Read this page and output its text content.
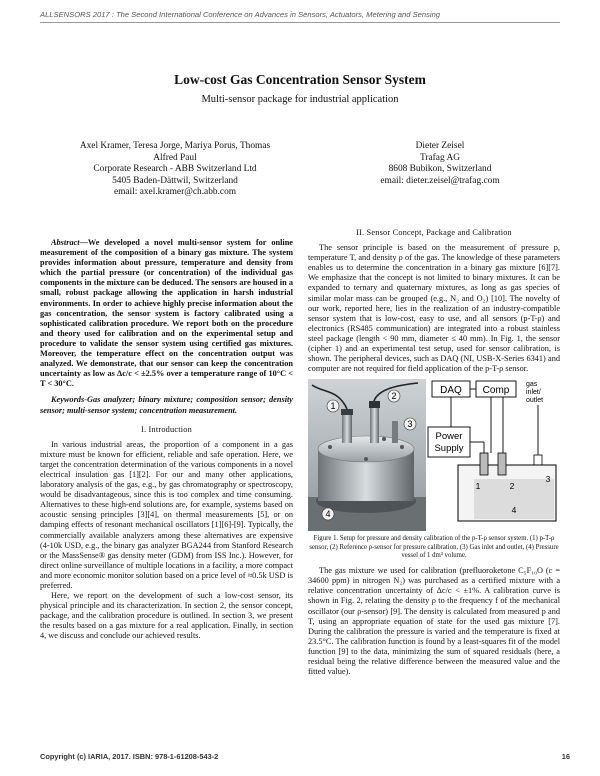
ALLSENSORS 2017 : The Second International Conference on Advances in Sensors, Actuators, Metering and Sensing
Low-cost Gas Concentration Sensor System
Multi-sensor package for industrial application
Axel Kramer, Teresa Jorge, Mariya Porus, Thomas
Alfred Paul
Corporate Research - ABB Switzerland Ltd
5405 Baden-Dättwil, Switzerland
email: axel.kramer@ch.abb.com
Dieter Zeisel
Trafag AG
8608 Bubikon, Switzerland
email: dieter.zeisel@trafag.com

Abstract—We developed a novel multi-sensor system for online measurement of the composition of a binary gas mixture. The system provides information about pressure, temperature and density from which the partial pressure (or concentration) of the individual gas components in the mixture can be deduced. The sensors are housed in a small, robust package allowing the application in harsh industrial environments. In order to achieve highly precise information about the gas concentration, the sensor system is factory calibrated using a sophisticated calibration procedure. We report both on the procedure and theory used for calibration and on the experimental setup and procedure to validate the sensor system using certified gas mixtures. Moreover, the temperature effect on the concentration output was analyzed. We demonstrate, that our sensor can keep the concentration uncertainty as low as Δc/c < ±2.5% over a temperature range of 10°C < T < 30°C.

Keywords-Gas analyzer; binary mixture; composition sensor; density sensor; multi-sensor system; concentration measurement.

I. Introduction

In various industrial areas, the proportion of a component in a gas mixture must be known for efficient, reliable and safe operation. Here, we target the concentration determination of the various components in a novel electrical insulation gas [1][2]. For our and many other applications, laboratory analysis of the gas, e.g., by gas chromatography or spectroscopy, would be disadvantageous, since this is too complex and time consuming. Alternatives to these high-end solutions are, for example, systems based on acoustic sensing principles [3][4], on thermal measurements [5], or on damping effects of resonant mechanical oscillators [1][6]-[9]. Typically, the commercially available analyzers among these alternatives are expensive (4-10k USD, e.g., the binary gas analyzer BGA244 from Stanford Research or the MassSense® gas density meter (GDM) from ISS Inc.). However, for direct online surveillance of multiple locations in a facility, a more compact and more economic monitor solution based on a price level of ≈0.5k USD is preferred.

Here, we report on the development of such a low-cost sensor, its physical principle and its characterization. In section 2, the sensor concept, package, and the calibration procedure is outlined. In section 3, we present the results based on a gas mixture for a real application. Finally, in section 4, we discuss and conclude our achieved results.

II. Sensor Concept, Package and Calibration

The sensor principle is based on the measurement of pressure p, temperature T, and density ρ of the gas. The knowledge of these parameters enables us to determine the concentration in a binary gas mixture [6][7]. We emphasize that the concept is not limited to binary mixtures. It can be expanded to ternary and quaternary mixtures, as long as gas species of similar molar mass can be grouped (e.g., N₂ and O₂) [10]. The novelty of our work, reported here, lies in the realization of an industry-compatible sensor system that is low-cost, easy to use, and all sensors (p-T-ρ) and electronics (RS485 communication) are integrated into a robust stainless steel package (length < 90 mm, diameter ≤ 40 mm). In Fig. 1, the sensor (cipher 1) and an experimental test setup, used for sensor calibration, is shown. The peripheral devices, such as DAQ (NI, USB-X-Series 6341) and computer are not required for field application of the p-T-ρ sensor.

1
2
3
4
DAQ Comp
gas
inlet/
outlet
Power
Supply
1	2
3
4

Figure 1. Setup for pressure and density calibration of the p-T-ρ sensor system. (1) p-T-ρ sensor, (2) Reference ρ-sensor for pressure calibration, (3) Gas inlet and outlet, (4) Pressure vessel of 1 dm³ volume.

The gas mixture we used for calibration (prefluoroketone C₅F₁₀O (c = 34600 ppm) in nitrogen N₂) was purchased as a certified mixture with a relative concentration uncertainty of Δc/c < ±1%. A calibration curve is shown in Fig. 2, relating the density ρ to the frequency f of the mechanical oscillator (our ρ-sensor) [9]. The density is calculated from measured p and T, using an appropriate equation of state for the used gas mixture [7]. During the calibration the pressure is varied and the temperature is fixed at 23.5°C. The calibration function is found by a least-squares fit of the model function [9] to the data, minimizing the sum of squared residuals (here, a residual being the relative difference between the measured value and the fitted value).

Copyright (c) IARIA, 2017. ISBN: 978-1-61208-543-2	16
